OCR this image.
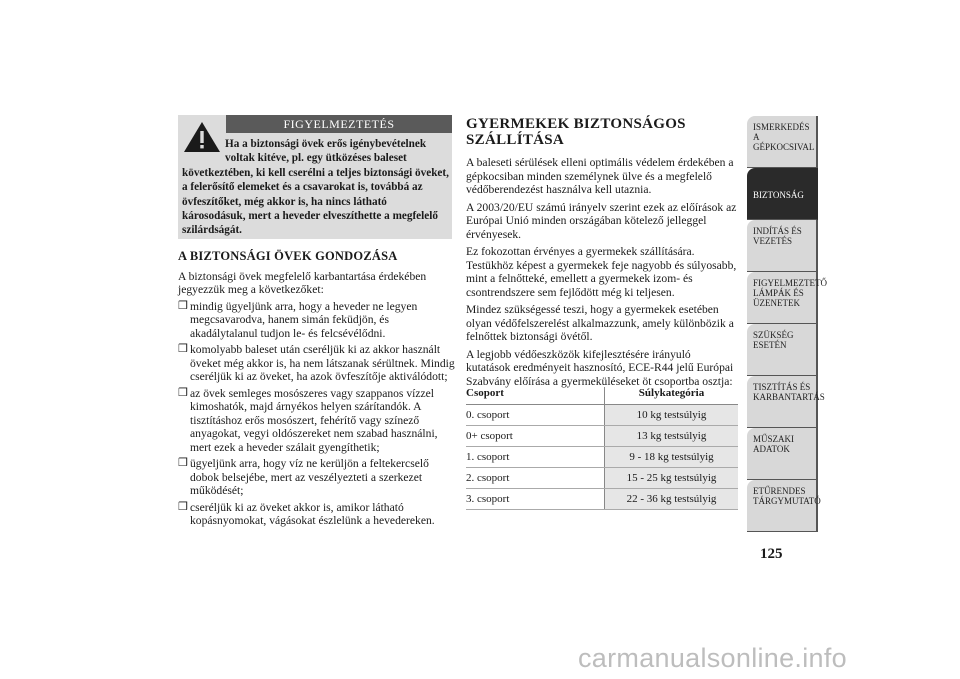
FIGYELMEZTETÉS
Ha a biztonsági övek erős igénybevételnek voltak kitéve, pl. egy ütközéses baleset
következtében, ki kell cserélni a teljes biztonsági öveket, a felerősítő elemeket és a csavarokat is, továbbá az övfeszítőket, még akkor is, ha nincs látható károsodásuk, mert a heveder elveszíthette a megfelelő szilárdságát.
A BIZTONSÁGI ÖVEK GONDOZÁSA

A biztonsági övek megfelelő karbantartása érdekében jegyezzük meg a következőket:

❒ mindig ügyeljünk arra, hogy a heveder ne legyen megcsavarodva, hanem simán feküdjön, és akadálytalanul tudjon le- és felcsévélődni.
❒ komolyabb baleset után cseréljük ki az akkor használt öveket még akkor is, ha nem látszanak sérültnek. Mindig cseréljük ki az öveket, ha azok övfeszítője aktiválódott;
❒ az övek semleges mosószeres vagy szappanos vízzel kimoshatók, majd árnyékos helyen szárítandók. A tisztításhoz erős mosószert, fehérítő vagy színező anyagokat, vegyi oldószereket nem szabad használni, mert ezek a heveder szálait gyengíthetik;
❒ ügyeljünk arra, hogy víz ne kerüljön a feltekercselő dobok belsejébe, mert az veszélyezteti a szerkezet működését;
❒ cseréljük ki az öveket akkor is, amikor látható kopásnyomokat, vágásokat észlelünk a hevedereken.
GYERMEKEK BIZTONSÁGOS SZÁLLÍTÁSA

A baleseti sérülések elleni optimális védelem érdekében a gépkocsiban minden személynek ülve és a megfelelő védőberendezést használva kell utaznia.

A 2003/20/EU számú irányelv szerint ezek az előírások az Európai Unió minden országában kötelező jelleggel érvényesek.

Ez fokozottan érvényes a gyermekek szállítására. Testükhöz képest a gyermekek feje nagyobb és súlyosabb, mint a felnőtteké, emellett a gyermekek izom- és csontrendszere sem fejlődött még ki teljesen.

Mindez szükségessé teszi, hogy a gyermekek esetében olyan védőfelszerelést alkalmazzunk, amely különbözik a felnőttek biztonsági övétől.

A legjobb védőeszközök kifejlesztésére irányuló kutatások eredményeit hasznosító, ECE-R44 jelű Európai Szabvány előírása a gyermeküléseket öt csoportba osztja:

Csoport	Súlykategória
0. csoport	10 kg testsúlyig
0+ csoport	13 kg testsúlyig
1. csoport	9 - 18 kg testsúlyig
2. csoport	15 - 25 kg testsúlyig
3. csoport	22 - 36 kg testsúlyig
ISMERKEDÉS A GÉPKOCSIVAL
BIZTONSÁG
INDÍTÁS ÉS VEZETÉS
FIGYELMEZTETŐ LÁMPÁK ÉS ÜZENETEK
SZÜKSÉG ESETÉN
TISZTÍTÁS ÉS KARBANTARTÁS
MŰSZAKI ADATOK
ETŰRENDES TÁRGYMUTATÓ
125
carmanualsonline.info
